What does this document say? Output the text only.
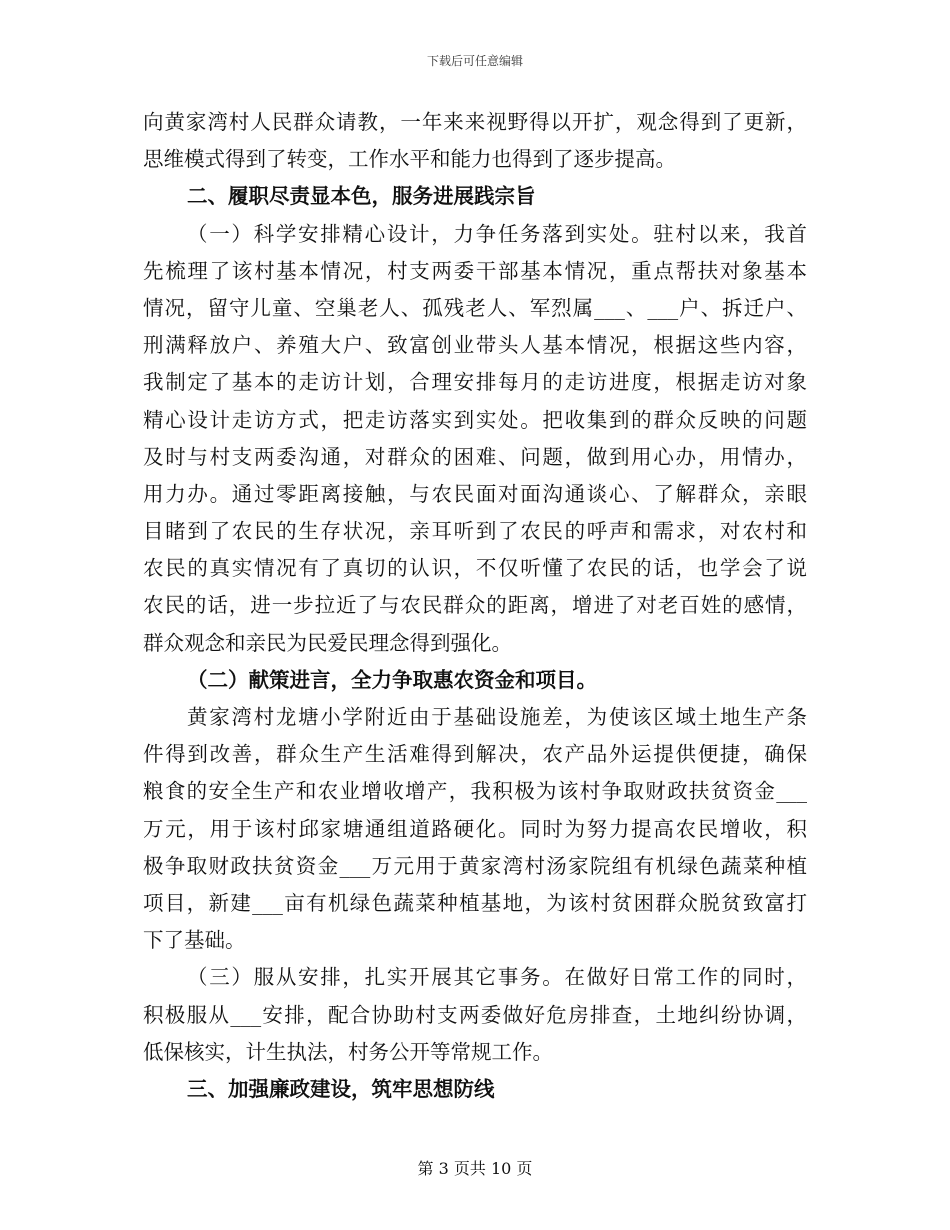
下载后可任意编辑
向黄家湾村人民群众请教，一年来来视野得以开扩，观念得到了更新，
思维模式得到了转变，工作水平和能力也得到了逐步提高。
二、履职尽责显本色，服务进展践宗旨
（一）科学安排精心设计，力争任务落到实处。驻村以来，我首
先梳理了该村基本情况，村支两委干部基本情况，重点帮扶对象基本
情况，留守儿童、空巢老人、孤残老人、军烈属___、___户、拆迁户、
刑满释放户、养殖大户、致富创业带头人基本情况，根据这些内容，
我制定了基本的走访计划，合理安排每月的走访进度，根据走访对象
精心设计走访方式，把走访落实到实处。把收集到的群众反映的问题
及时与村支两委沟通，对群众的困难、问题，做到用心办，用情办，
用力办。通过零距离接触，与农民面对面沟通谈心、了解群众，亲眼
目睹到了农民的生存状况，亲耳听到了农民的呼声和需求，对农村和
农民的真实情况有了真切的认识，不仅听懂了农民的话，也学会了说
农民的话，进一步拉近了与农民群众的距离，增进了对老百姓的感情，
群众观念和亲民为民爱民理念得到强化。
（二）献策进言，全力争取惠农资金和项目。
黄家湾村龙塘小学附近由于基础设施差，为使该区域土地生产条
件得到改善，群众生产生活难得到解决，农产品外运提供便捷，确保
粮食的安全生产和农业增收增产，我积极为该村争取财政扶贫资金___
万元，用于该村邱家塘通组道路硬化。同时为努力提高农民增收，积
极争取财政扶贫资金___万元用于黄家湾村汤家院组有机绿色蔬菜种植
项目，新建___亩有机绿色蔬菜种植基地，为该村贫困群众脱贫致富打
下了基础。
（三）服从安排，扎实开展其它事务。在做好日常工作的同时，
积极服从___安排，配合协助村支两委做好危房排查，土地纠纷协调，
低保核实，计生执法，村务公开等常规工作。
三、加强廉政建设，筑牢思想防线
第 3 页共 10 页
